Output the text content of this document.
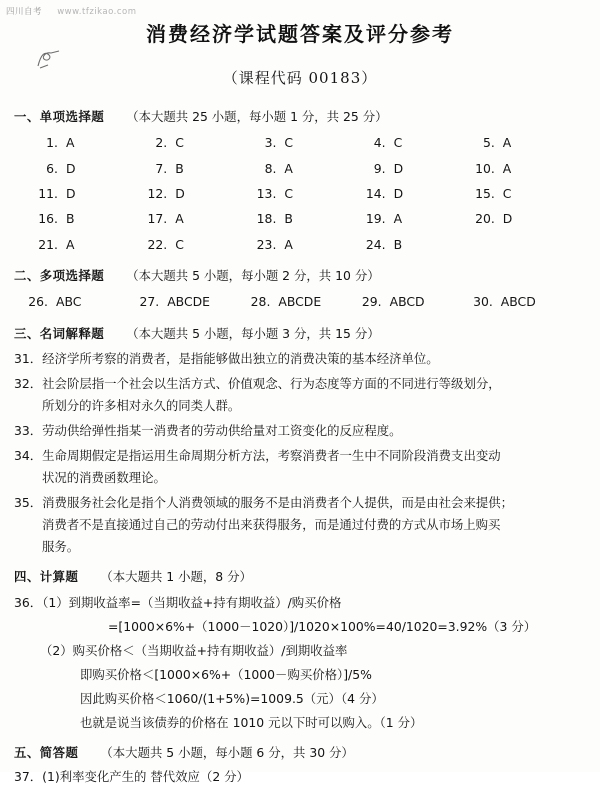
四川自考 www.tfzikao.com
消费经济学试题答案及评分参考
（课程代码 00183）
一、单项选择题 （本大题共 25 小题，每小题 1 分，共 25 分）
1. A	2. C	3. C	4. C	5. A
6. D	7. B	8. A	9. D	10. A
11. D	12. D	13. C	14. D	15. C
16. B	17. A	18. B	19. A	20. D
21. A	22. C	23. A	24. B
二、多项选择题 （本大题共 5 小题，每小题 2 分，共 10 分）
26. ABC	27. ABCDE	28. ABCDE	29. ABCD	30. ABCD
三、名词解释题 （本大题共 5 小题，每小题 3 分，共 15 分）
31．经济学所考察的消费者，是指能够做出独立的消费决策的基本经济单位。
32．社会阶层指一个社会以生活方式、价值观念、行为态度等方面的不同进行等级划分，
所划分的许多相对永久的同类人群。
33．劳动供给弹性指某一消费者的劳动供给量对工资变化的反应程度。
34．生命周期假定是指运用生命周期分析方法，考察消费者一生中不同阶段消费支出变动
状况的消费函数理论。
35．消费服务社会化是指个人消费领域的服务不是由消费者个人提供，而是由社会来提供；
消费者不是直接通过自己的劳动付出来获得服务，而是通过付费的方式从市场上购买
服务。
四、计算题 （本大题共 1 小题，8 分）
36．（1）到期收益率=（当期收益+持有期收益）/购买价格
=[1000×6%+（1000－1020）]/1020×100%=40/1020=3.92%（3 分）
（2）购买价格＜（当期收益+持有期收益）/到期收益率
即购买价格＜[1000×6%+（1000－购买价格）]/5%
因此购买价格＜1060/(1+5%)=1009.5（元）（4 分）
也就是说当该债券的价格在 1010 元以下时可以购入。（1 分）
五、简答题 （本大题共 5 小题，每小题 6 分，共 30 分）
37．(1)利率变化产生的 替代效应（2 分）
